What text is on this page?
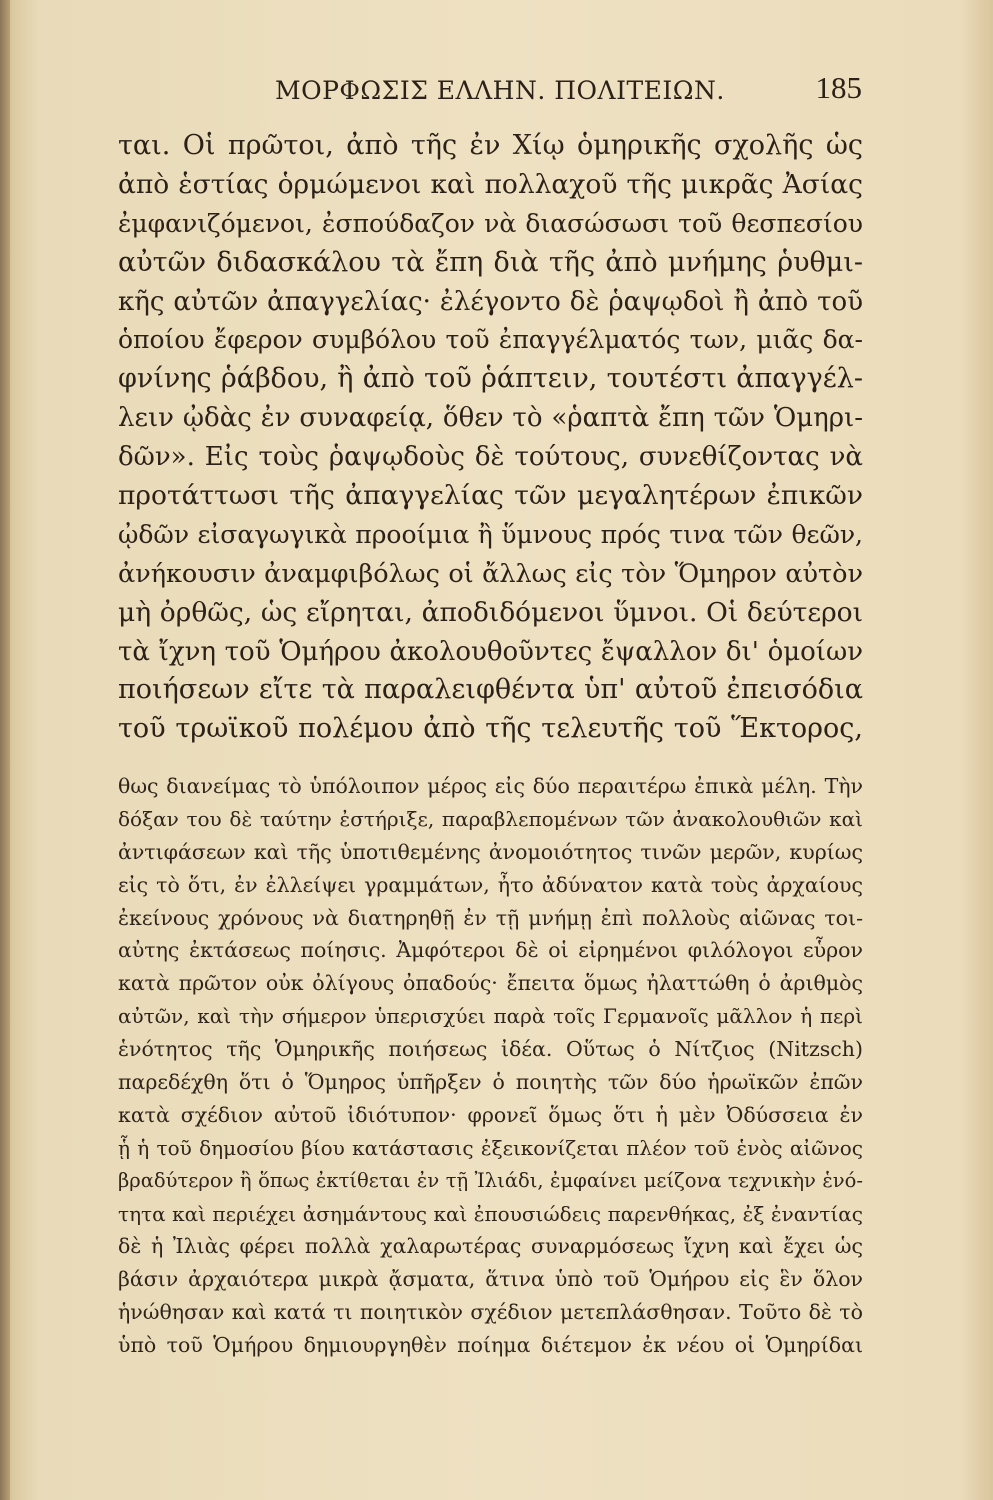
ΜΟΡΦΩΣΙΣ ΕΛΛΗΝ. ΠΟΛΙΤΕΙΩΝ.	185
ται. Οἱ πρῶτοι, ἀπὸ τῆς ἐν Χίῳ ὁμηρικῆς σχολῆς ὡς
ἀπὸ ἑστίας ὁρμώμενοι καὶ πολλαχοῦ τῆς μικρᾶς Ἀσίας
ἐμφανιζόμενοι, ἐσπούδαζον νὰ διασώσωσι τοῦ θεσπεσίου
αὐτῶν διδασκάλου τὰ ἔπη διὰ τῆς ἀπὸ μνήμης ῥυθμι-
κῆς αὐτῶν ἀπαγγελίας· ἐλέγοντο δὲ ῥαψῳδοὶ ἢ ἀπὸ τοῦ
ὁποίου ἔφερον συμβόλου τοῦ ἐπαγγέλματός των, μιᾶς δα-
φνίνης ῥάβδου, ἢ ἀπὸ τοῦ ῥάπτειν, τουτέστι ἀπαγγέλ-
λειν ᾠδὰς ἐν συναφείᾳ, ὅθεν τὸ «ῥαπτὰ ἔπη τῶν Ὁμηρι-
δῶν». Εἰς τοὺς ῥαψῳδοὺς δὲ τούτους, συνεθίζοντας νὰ
προτάττωσι τῆς ἀπαγγελίας τῶν μεγαλητέρων ἐπικῶν
ᾠδῶν εἰσαγωγικὰ προοίμια ἢ ὕμνους πρός τινα τῶν θεῶν,
ἀνήκουσιν ἀναμφιβόλως οἱ ἄλλως εἰς τὸν Ὅμηρον αὐτὸν
μὴ ὀρθῶς, ὡς εἴρηται, ἀποδιδόμενοι ὕμνοι. Οἱ δεύτεροι
τὰ ἴχνη τοῦ Ὁμήρου ἀκολουθοῦντες ἔψαλλον δι' ὁμοίων
ποιήσεων εἴτε τὰ παραλειφθέντα ὑπ' αὐτοῦ ἐπεισόδια
τοῦ τρωϊκοῦ πολέμου ἀπὸ τῆς τελευτῆς τοῦ Ἕκτορος,
θως διανείμας τὸ ὑπόλοιπον μέρος εἰς δύο περαιτέρω ἐπικὰ μέλη. Τὴν
δόξαν του δὲ ταύτην ἐστήριξε, παραβλεπομένων τῶν ἀνακολουθιῶν καὶ
ἀντιφάσεων καὶ τῆς ὑποτιθεμένης ἀνομοιότητος τινῶν μερῶν, κυρίως
εἰς τὸ ὅτι, ἐν ἐλλείψει γραμμάτων, ἦτο ἀδύνατον κατὰ τοὺς ἀρχαίους
ἐκείνους χρόνους νὰ διατηρηθῇ ἐν τῇ μνήμῃ ἐπὶ πολλοὺς αἰῶνας τοι-
αὐτης ἐκτάσεως ποίησις. Ἀμφότεροι δὲ οἱ εἰρημένοι φιλόλογοι εὗρον
κατὰ πρῶτον οὐκ ὀλίγους ὀπαδούς· ἔπειτα ὅμως ἠλαττώθη ὁ ἀριθμὸς
αὐτῶν, καὶ τὴν σήμερον ὑπερισχύει παρὰ τοῖς Γερμανοῖς μᾶλλον ἡ περὶ
ἑνότητος τῆς Ὁμηρικῆς ποιήσεως ἰδέα. Οὕτως ὁ Νίτζιος (Nitzsch)
παρεδέχθη ὅτι ὁ Ὅμηρος ὑπῆρξεν ὁ ποιητὴς τῶν δύο ἡρωϊκῶν ἐπῶν
κατὰ σχέδιον αὐτοῦ ἰδιότυπον· φρονεῖ ὅμως ὅτι ἡ μὲν Ὀδύσσεια ἐν
ᾗ ἡ τοῦ δημοσίου βίου κατάστασις ἐξεικονίζεται πλέον τοῦ ἑνὸς αἰῶνος
βραδύτερον ἢ ὅπως ἐκτίθεται ἐν τῇ Ἰλιάδι, ἐμφαίνει μείζονα τεχνικὴν ἑνό-
τητα καὶ περιέχει ἀσημάντους καὶ ἐπουσιώδεις παρενθήκας, ἐξ ἐναντίας
δὲ ἡ Ἰλιὰς φέρει πολλὰ χαλαρωτέρας συναρμόσεως ἴχνη καὶ ἔχει ὡς
βάσιν ἀρχαιότερα μικρὰ ᾄσματα, ἅτινα ὑπὸ τοῦ Ὁμήρου εἰς ἓν ὅλον
ἡνώθησαν καὶ κατά τι ποιητικὸν σχέδιον μετεπλάσθησαν. Τοῦτο δὲ τὸ
ὑπὸ τοῦ Ὁμήρου δημιουργηθὲν ποίημα διέτεμον ἐκ νέου οἱ Ὁμηρίδαι
